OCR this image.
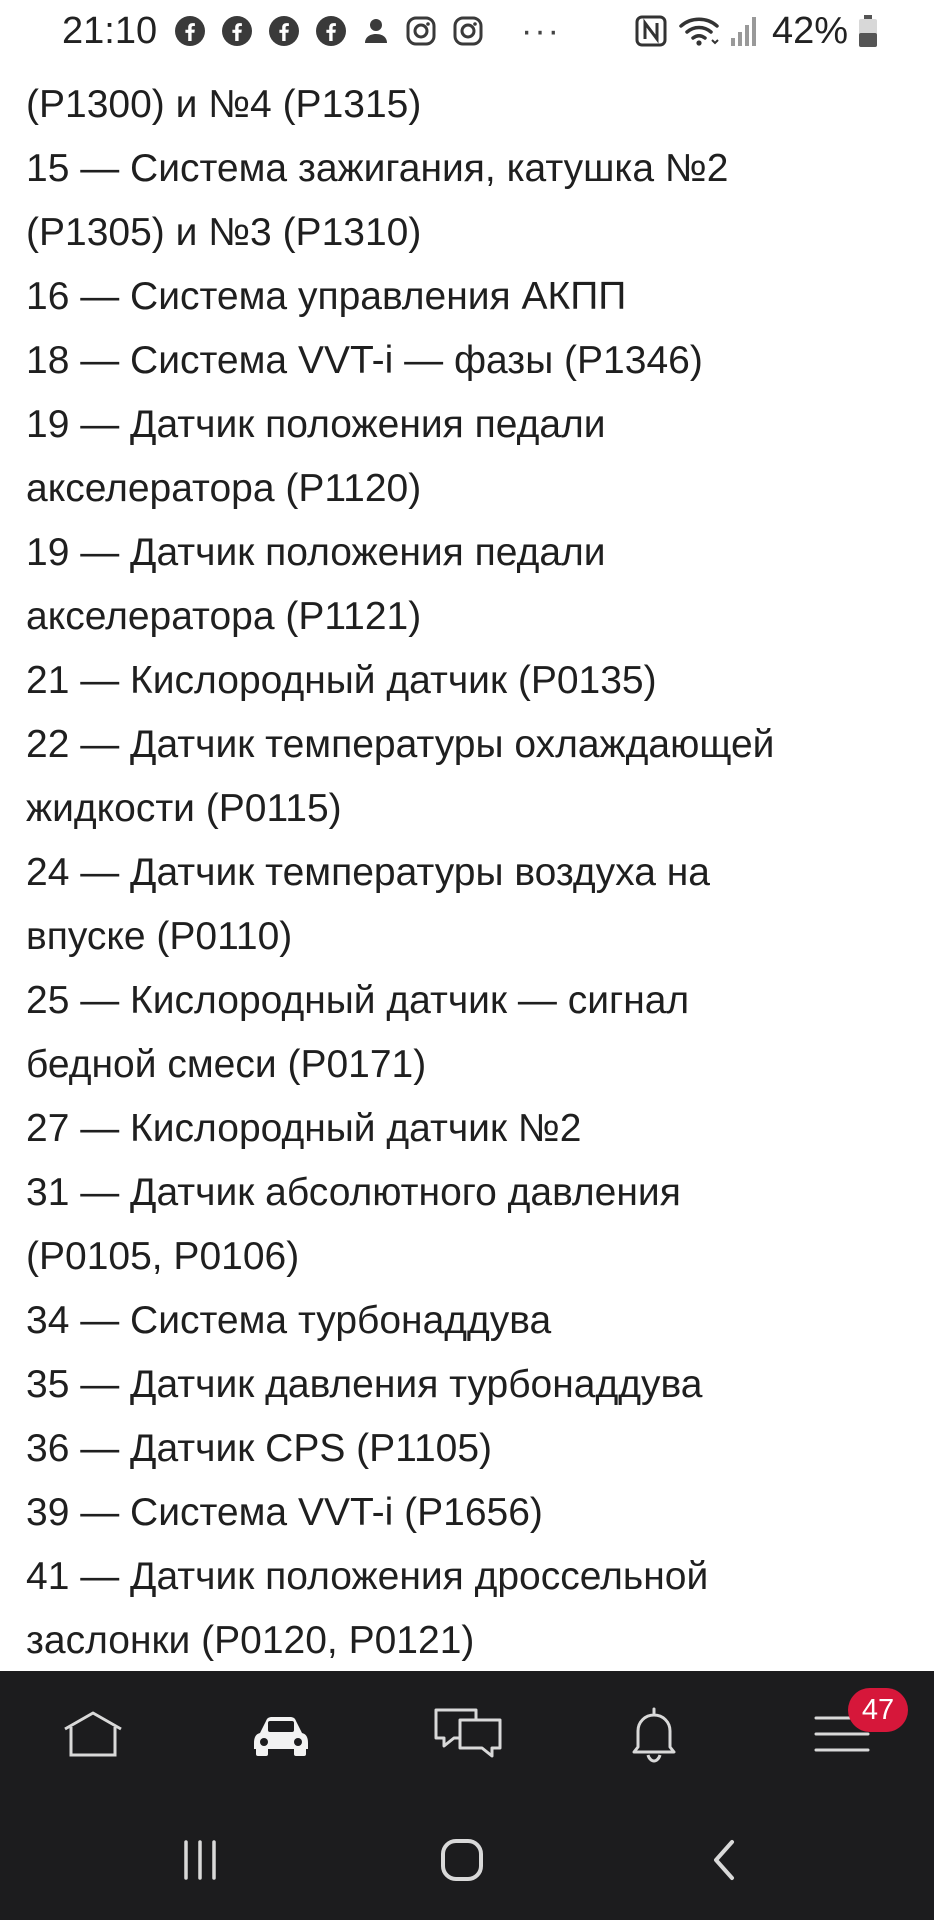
21:10	···	42%
(P1300) и №4 (P1315)
15 — Система зажигания, катушка №2
(P1305) и №3 (P1310)
16 — Система управления АКПП
18 — Система VVT-i — фазы (P1346)
19 — Датчик положения педали
акселератора (P1120)
19 — Датчик положения педали
акселератора (P1121)
21 — Кислородный датчик (P0135)
22 — Датчик температуры охлаждающей
жидкости (P0115)
24 — Датчик температуры воздуха на
впуске (P0110)
25 — Кислородный датчик — сигнал
бедной смеси (P0171)
27 — Кислородный датчик №2
31 — Датчик абсолютного давления
(P0105, P0106)
34 — Система турбонаддува
35 — Датчик давления турбонаддува
36 — Датчик CPS (P1105)
39 — Система VVT-i (P1656)
41 — Датчик положения дроссельной
заслонки (P0120, P0121)
47
